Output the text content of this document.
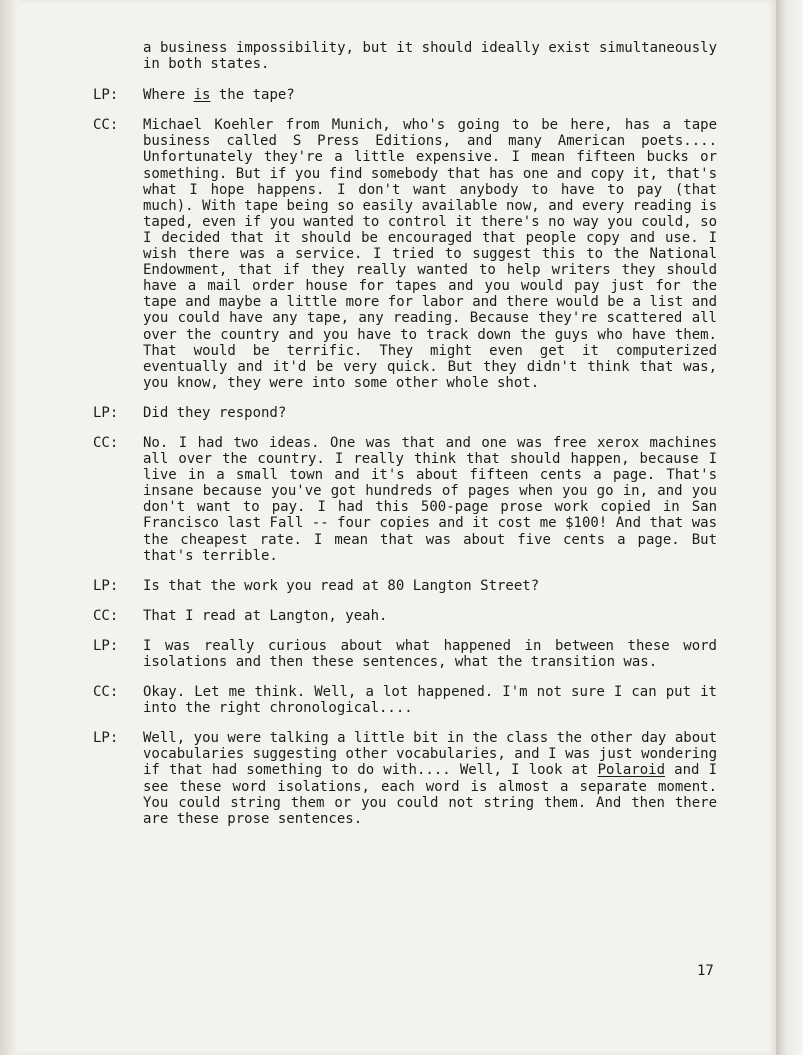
a business impossibility, but it should ideally exist simultaneously in both states.
LP:	Where is the tape?
CC:	Michael Koehler from Munich, who's going to be here, has a tape business called S Press Editions, and many American poets.... Unfortunately they're a little expensive. I mean fifteen bucks or something. But if you find somebody that has one and copy it, that's what I hope happens. I don't want anybody to have to pay (that much). With tape being so easily available now, and every reading is taped, even if you wanted to control it there's no way you could, so I decided that it should be encouraged that people copy and use. I wish there was a service. I tried to suggest this to the National Endowment, that if they really wanted to help writers they should have a mail order house for tapes and you would pay just for the tape and maybe a little more for labor and there would be a list and you could have any tape, any reading. Because they're scattered all over the country and you have to track down the guys who have them. That would be terrific. They might even get it computerized eventually and it'd be very quick. But they didn't think that was, you know, they were into some other whole shot.
LP:	Did they respond?
CC:	No. I had two ideas. One was that and one was free xerox machines all over the country. I really think that should happen, because I live in a small town and it's about fifteen cents a page. That's insane because you've got hundreds of pages when you go in, and you don't want to pay. I had this 500-page prose work copied in San Francisco last Fall -- four copies and it cost me $100! And that was the cheapest rate. I mean that was about five cents a page. But that's terrible.
LP:	Is that the work you read at 80 Langton Street?
CC:	That I read at Langton, yeah.
LP:	I was really curious about what happened in between these word isolations and then these sentences, what the transition was.
CC:	Okay. Let me think. Well, a lot happened. I'm not sure I can put it into the right chronological....
LP:	Well, you were talking a little bit in the class the other day about vocabularies suggesting other vocabularies, and I was just wondering if that had something to do with.... Well, I look at Polaroid and I see these word isolations, each word is almost a separate moment. You could string them or you could not string them. And then there are these prose sentences.
17
